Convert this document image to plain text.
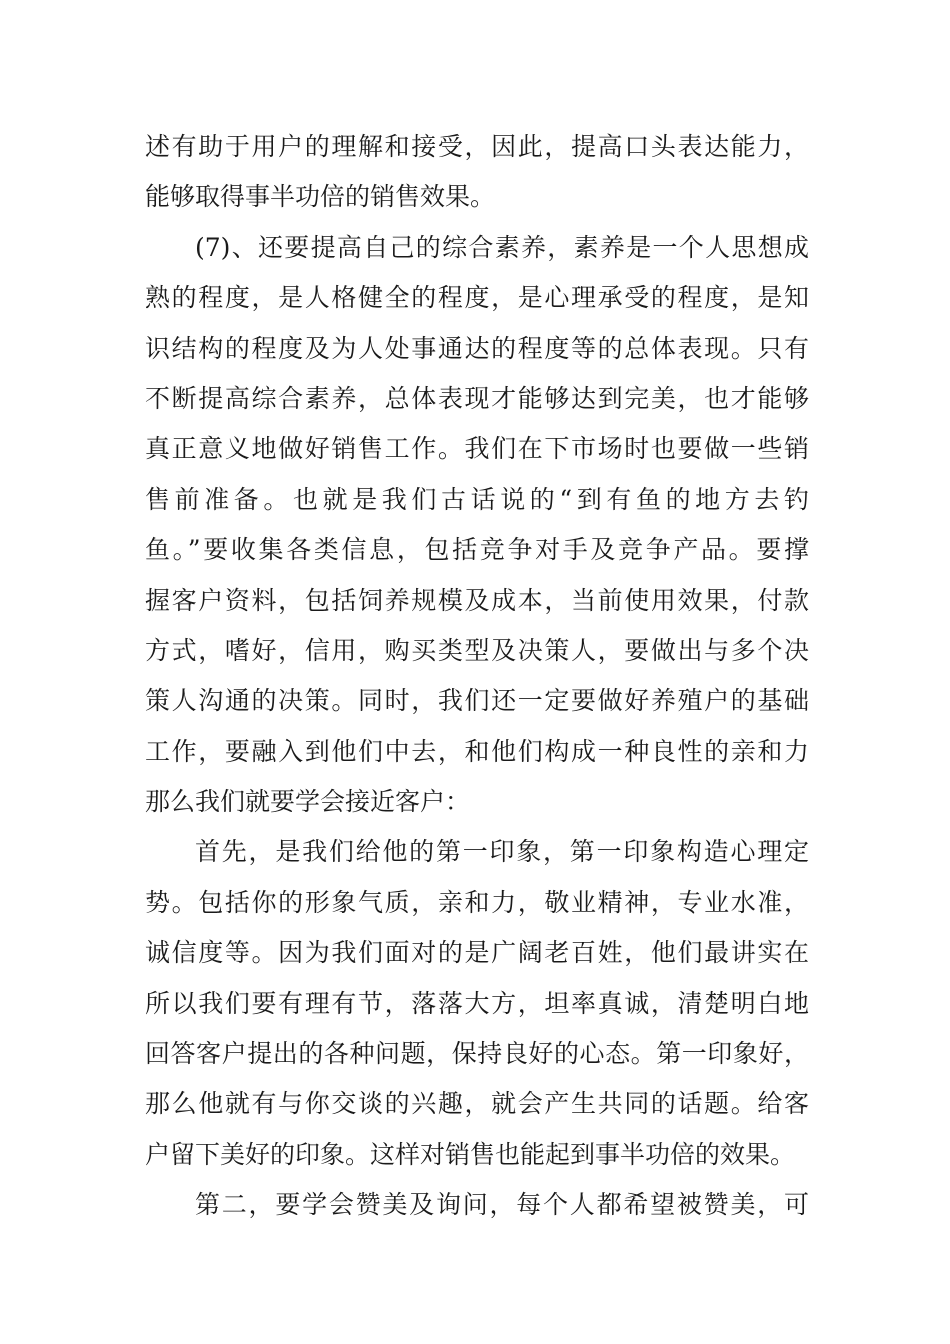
述有助于用户的理解和接受，因此，提高口头表达能力，
能够取得事半功倍的销售效果。
(7)、还要提高自己的综合素养，素养是一个人思想成
熟的程度，是人格健全的程度，是心理承受的程度，是知
识结构的程度及为人处事通达的程度等的总体表现。只有
不断提高综合素养，总体表现才能够达到完美，也才能够
真正意义地做好销售工作。我们在下市场时也要做一些销
售前准备。也就是我们古话说的“到有鱼的地方去钓
鱼。”要收集各类信息，包括竞争对手及竞争产品。要撑
握客户资料，包括饲养规模及成本，当前使用效果，付款
方式，嗜好，信用，购买类型及决策人，要做出与多个决
策人沟通的决策。同时，我们还一定要做好养殖户的基础
工作，要融入到他们中去，和他们构成一种良性的亲和力
那么我们就要学会接近客户：
首先，是我们给他的第一印象，第一印象构造心理定
势。包括你的形象气质，亲和力，敬业精神，专业水准，
诚信度等。因为我们面对的是广阔老百姓，他们最讲实在
所以我们要有理有节，落落大方，坦率真诚，清楚明白地
回答客户提出的各种问题，保持良好的心态。第一印象好，
那么他就有与你交谈的兴趣，就会产生共同的话题。给客
户留下美好的印象。这样对销售也能起到事半功倍的效果。
第二，要学会赞美及询问，每个人都希望被赞美，可
